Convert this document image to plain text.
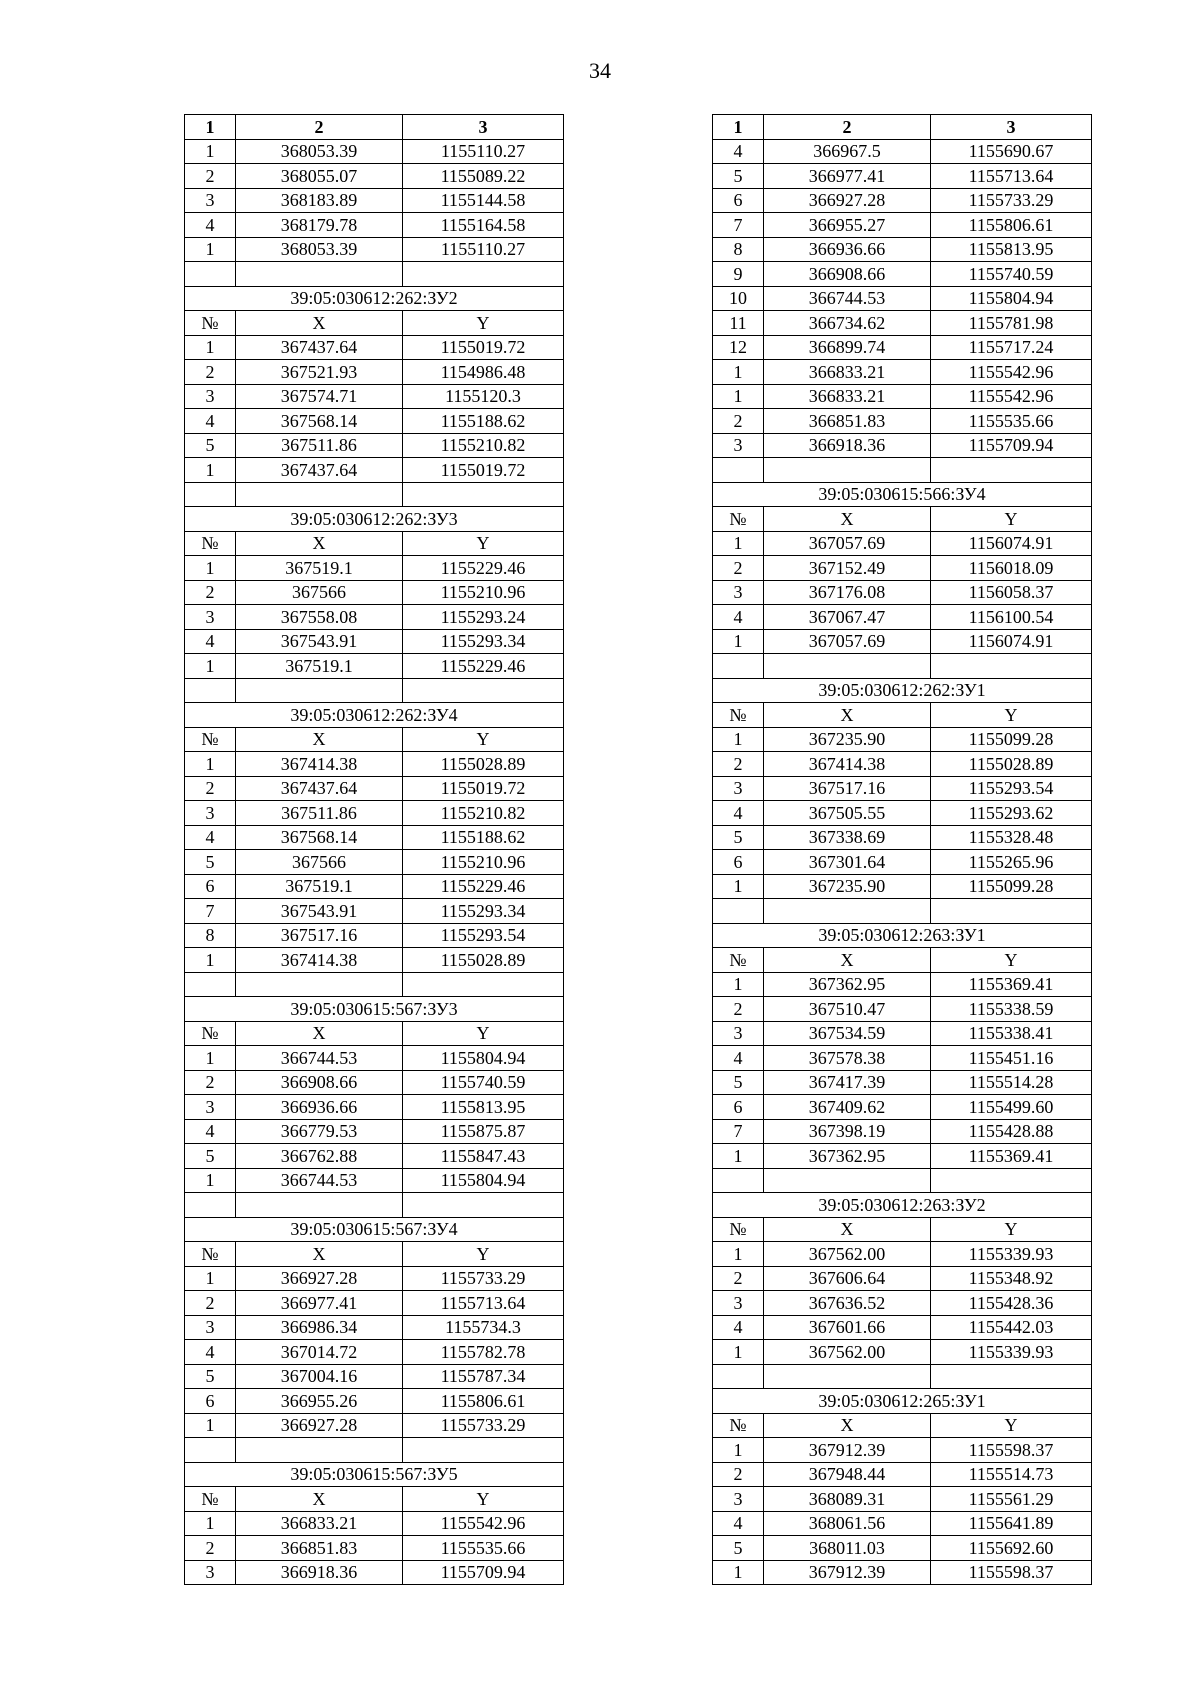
34
1	2	3
1	368053.39	1155110.27
2	368055.07	1155089.22
3	368183.89	1155144.58
4	368179.78	1155164.58
1	368053.39	1155110.27

39:05:030612:262:ЗУ2		
№	X	Y
1	367437.64	1155019.72
2	367521.93	1154986.48
3	367574.71	1155120.3
4	367568.14	1155188.62
5	367511.86	1155210.82
1	367437.64	1155019.72

39:05:030612:262:ЗУ3		
№	X	Y
1	367519.1	1155229.46
2	367566	1155210.96
3	367558.08	1155293.24
4	367543.91	1155293.34
1	367519.1	1155229.46

39:05:030612:262:ЗУ4		
№	X	Y
1	367414.38	1155028.89
2	367437.64	1155019.72
3	367511.86	1155210.82
4	367568.14	1155188.62
5	367566	1155210.96
6	367519.1	1155229.46
7	367543.91	1155293.34
8	367517.16	1155293.54
1	367414.38	1155028.89

39:05:030615:567:ЗУ3		
№	X	Y
1	366744.53	1155804.94
2	366908.66	1155740.59
3	366936.66	1155813.95
4	366779.53	1155875.87
5	366762.88	1155847.43
1	366744.53	1155804.94

39:05:030615:567:ЗУ4		
№	X	Y
1	366927.28	1155733.29
2	366977.41	1155713.64
3	366986.34	1155734.3
4	367014.72	1155782.78
5	367004.16	1155787.34
6	366955.26	1155806.61
1	366927.28	1155733.29

39:05:030615:567:ЗУ5		
№	X	Y
1	366833.21	1155542.96
2	366851.83	1155535.66
3	366918.36	1155709.94
1	2	3
4	366967.5	1155690.67
5	366977.41	1155713.64
6	366927.28	1155733.29
7	366955.27	1155806.61
8	366936.66	1155813.95
9	366908.66	1155740.59
10	366744.53	1155804.94
11	366734.62	1155781.98
12	366899.74	1155717.24
1	366833.21	1155542.96
1	366833.21	1155542.96
2	366851.83	1155535.66
3	366918.36	1155709.94

39:05:030615:566:ЗУ4		
№	X	Y
1	367057.69	1156074.91
2	367152.49	1156018.09
3	367176.08	1156058.37
4	367067.47	1156100.54
1	367057.69	1156074.91

39:05:030612:262:ЗУ1		
№	X	Y
1	367235.90	1155099.28
2	367414.38	1155028.89
3	367517.16	1155293.54
4	367505.55	1155293.62
5	367338.69	1155328.48
6	367301.64	1155265.96
1	367235.90	1155099.28

39:05:030612:263:ЗУ1		
№	X	Y
1	367362.95	1155369.41
2	367510.47	1155338.59
3	367534.59	1155338.41
4	367578.38	1155451.16
5	367417.39	1155514.28
6	367409.62	1155499.60
7	367398.19	1155428.88
1	367362.95	1155369.41

39:05:030612:263:ЗУ2		
№	X	Y
1	367562.00	1155339.93
2	367606.64	1155348.92
3	367636.52	1155428.36
4	367601.66	1155442.03
1	367562.00	1155339.93

39:05:030612:265:ЗУ1		
№	X	Y
1	367912.39	1155598.37
2	367948.44	1155514.73
3	368089.31	1155561.29
4	368061.56	1155641.89
5	368011.03	1155692.60
1	367912.39	1155598.37
